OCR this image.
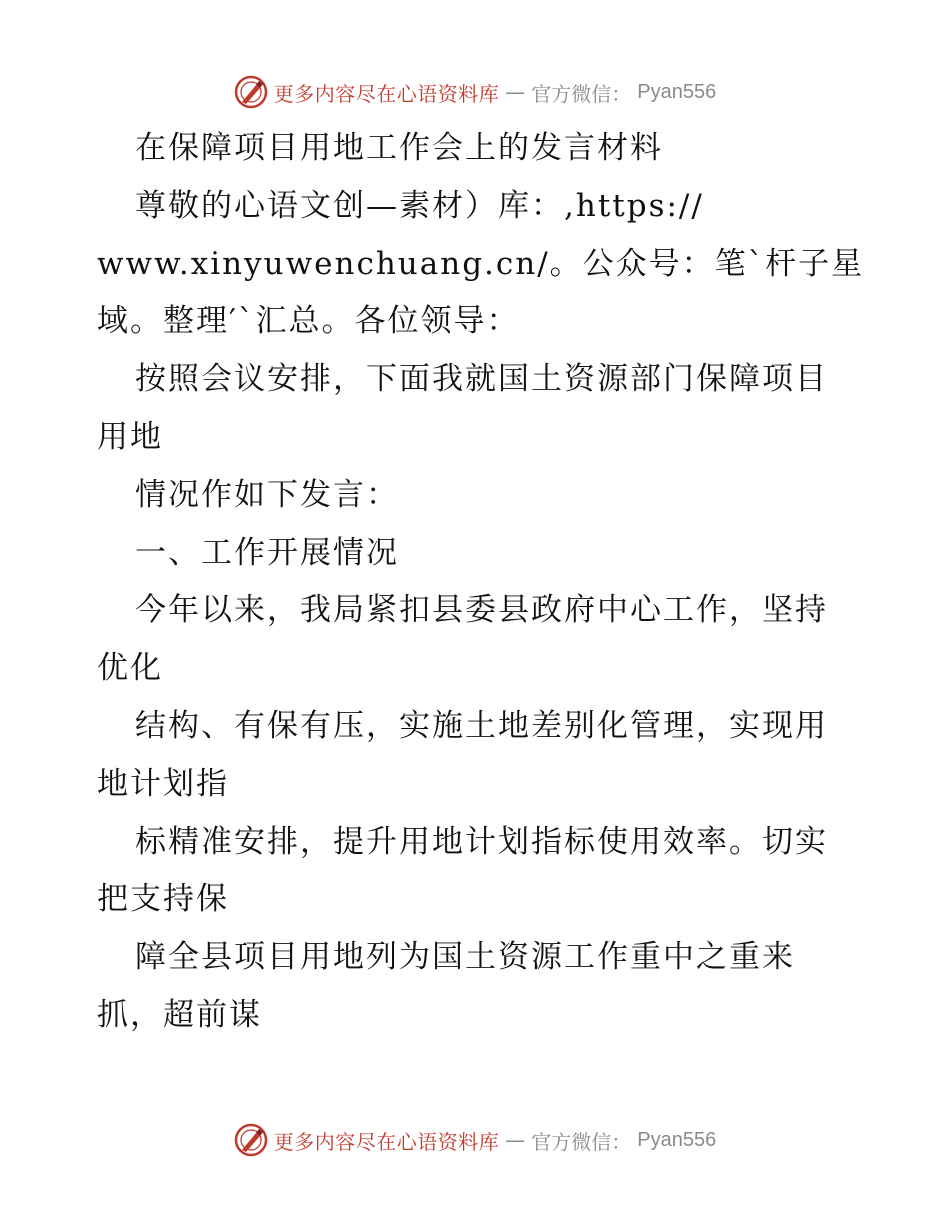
更多内容尽在心语资料库 — 官方微信： Pyan556
在保障项目用地工作会上的发言材料
尊敬的心语文创—素材）库：,https://
www.xinyuwenchuang.cn/。公众号：笔`杆子星
域。整理′`汇总。各位领导：
按照会议安排，下面我就国土资源部门保障项目
用地
情况作如下发言：
一、工作开展情况
今年以来，我局紧扣县委县政府中心工作，坚持
优化
结构、有保有压，实施土地差别化管理，实现用
地计划指
标精准安排，提升用地计划指标使用效率。切实
把支持保
障全县项目用地列为国土资源工作重中之重来
抓，超前谋
更多内容尽在心语资料库 — 官方微信： Pyan556
